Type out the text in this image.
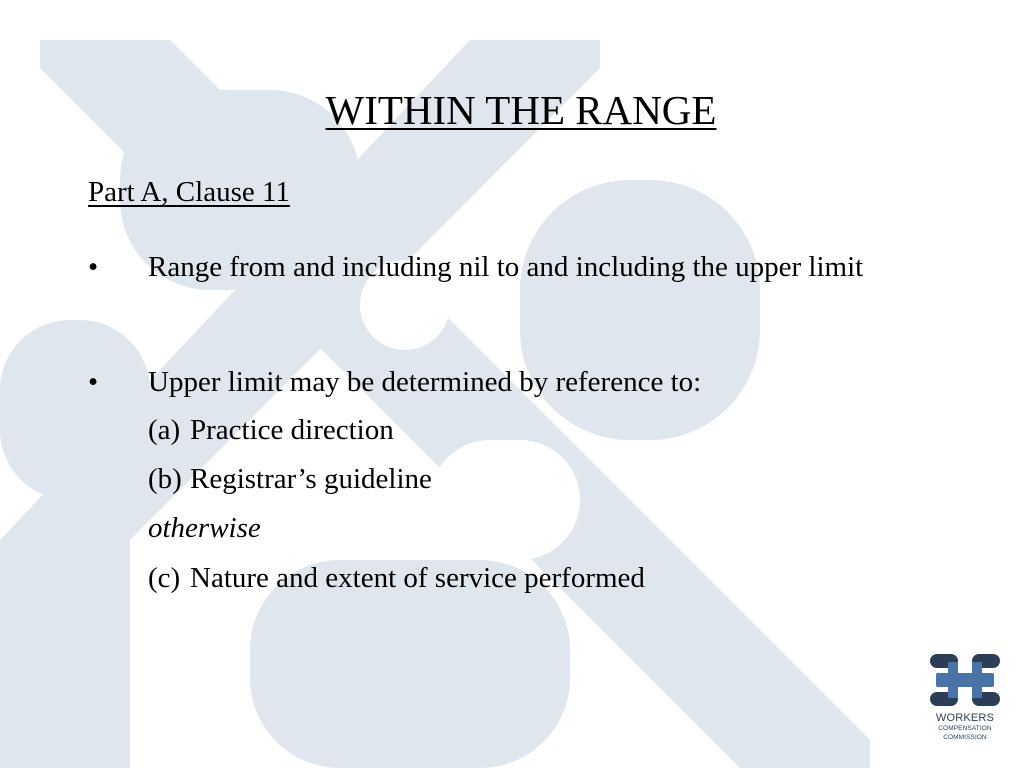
WITHIN THE RANGE
Part A, Clause 11
• Range from and including nil to and including the upper limit
• Upper limit may be determined by reference to:
(a) Practice direction
(b) Registrar’s guideline
otherwise
(c) Nature and extent of service performed
WORKERS
COMPENSATION
COMMISSION
